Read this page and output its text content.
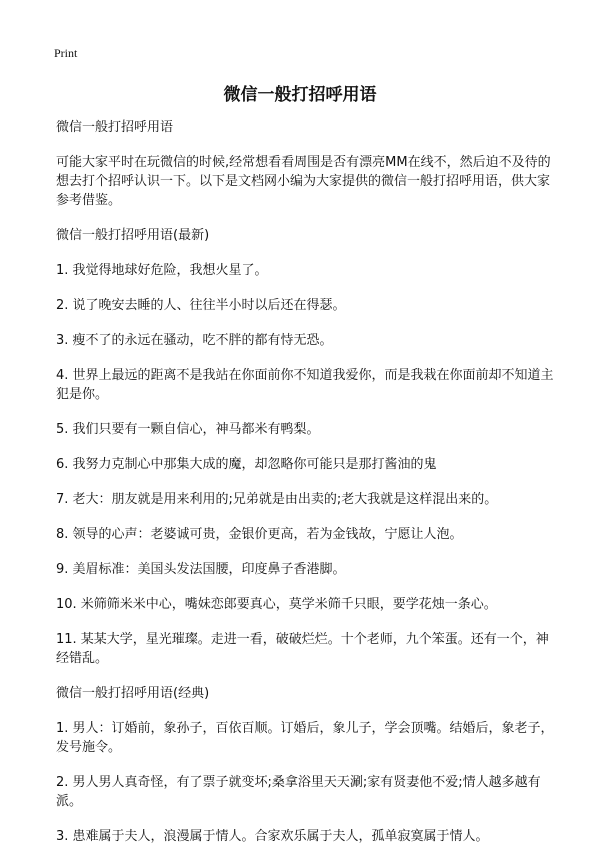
Print
微信一般打招呼用语

微信一般打招呼用语

可能大家平时在玩微信的时候,经常想看看周围是否有漂亮MM在线不，然后迫不及待的想去打个招呼认识一下。以下是文档网小编为大家提供的微信一般打招呼用语，供大家参考借鉴。

微信一般打招呼用语(最新)

1. 我觉得地球好危险，我想火星了。

2. 说了晚安去睡的人、往往半小时以后还在得瑟。

3. 瘦不了的永远在骚动，吃不胖的都有恃无恐。

4. 世界上最远的距离不是我站在你面前你不知道我爱你，而是我栽在你面前却不知道主犯是你。

5. 我们只要有一颗自信心，神马都米有鸭梨。

6. 我努力克制心中那集大成的魔，却忽略你可能只是那打酱油的鬼

7. 老大：朋友就是用来利用的;兄弟就是由出卖的;老大我就是这样混出来的。

8. 领导的心声：老婆诚可贵，金银价更高，若为金钱故，宁愿让人泡。

9. 美眉标准：美国头发法国腰，印度鼻子香港脚。

10. 米筛筛米米中心，嘴妹恋郎要真心，莫学米筛千只眼，要学花烛一条心。

11. 某某大学，星光璀璨。走进一看，破破烂烂。十个老师，九个笨蛋。还有一个，神经错乱。

微信一般打招呼用语(经典)

1. 男人：订婚前，象孙子，百依百顺。订婚后，象儿子，学会顶嘴。结婚后，象老子，发号施令。

2. 男人男人真奇怪，有了票子就变坏;桑拿浴里天天涮;家有贤妻他不爱;情人越多越有派。

3. 患难属于夫人，浪漫属于情人。合家欢乐属于夫人，孤单寂寞属于情人。
